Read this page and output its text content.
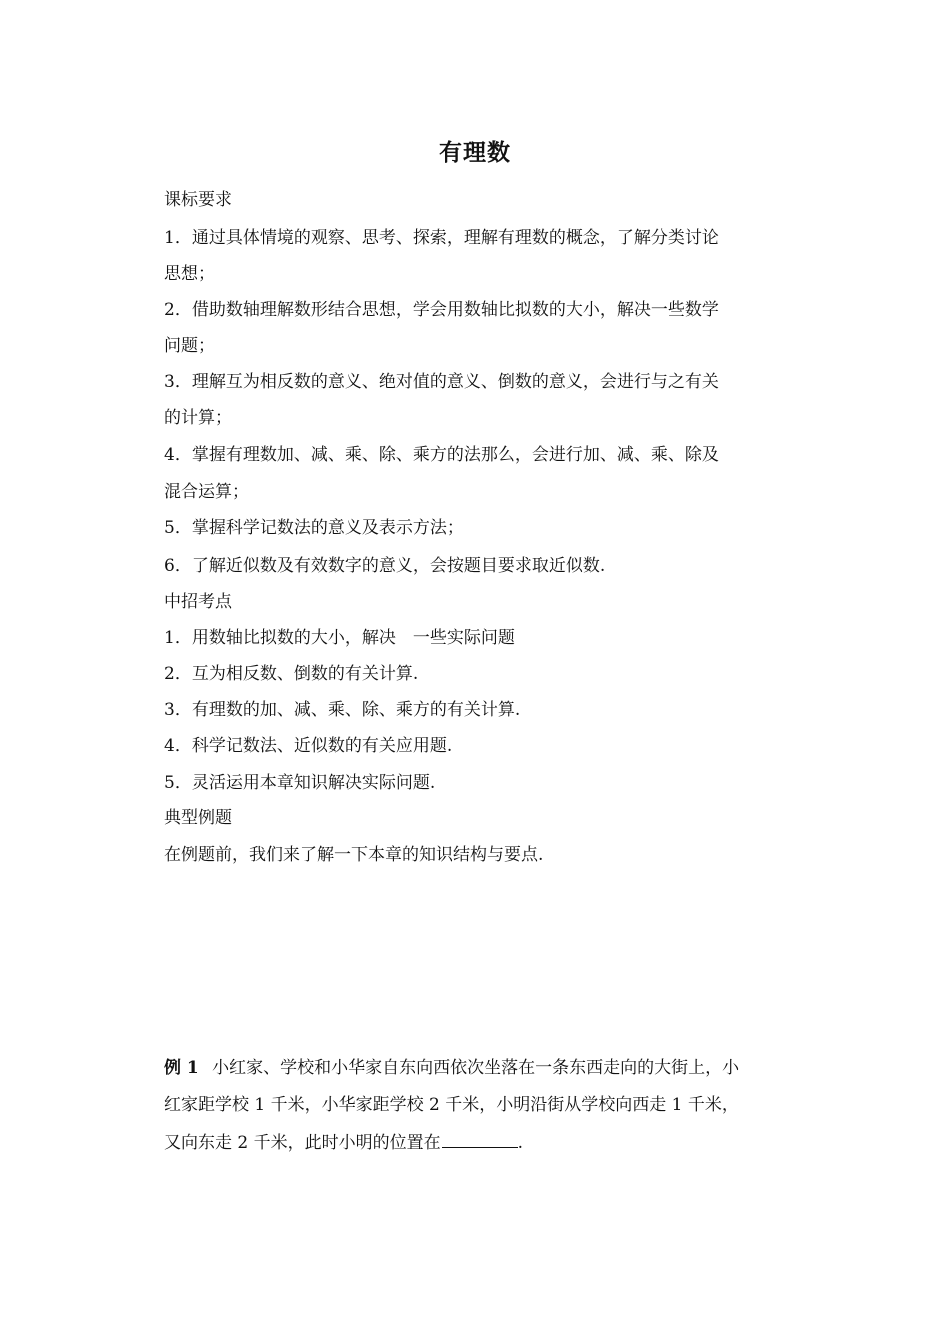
有理数
课标要求
1．通过具体情境的观察、思考、探索，理解有理数的概念，了解分类讨论
思想；
2．借助数轴理解数形结合思想，学会用数轴比拟数的大小，解决一些数学
问题；
3．理解互为相反数的意义、绝对值的意义、倒数的意义，会进行与之有关
的计算；
4．掌握有理数加、减、乘、除、乘方的法那么，会进行加、减、乘、除及
混合运算；
5．掌握科学记数法的意义及表示方法；
6．了解近似数及有效数字的意义，会按题目要求取近似数.
中招考点
1．用数轴比拟数的大小，解决　一些实际问题
2．互为相反数、倒数的有关计算.
3．有理数的加、减、乘、除、乘方的有关计算.
4．科学记数法、近似数的有关应用题.
5．灵活运用本章知识解决实际问题.
典型例题
在例题前，我们来了解一下本章的知识结构与要点.
例 1 小红家、学校和小华家自东向西依次坐落在一条东西走向的大街上，小
红家距学校 1 千米，小华家距学校 2 千米，小明沿街从学校向西走 1 千米，
又向东走 2 千米，此时小明的位置在	.
